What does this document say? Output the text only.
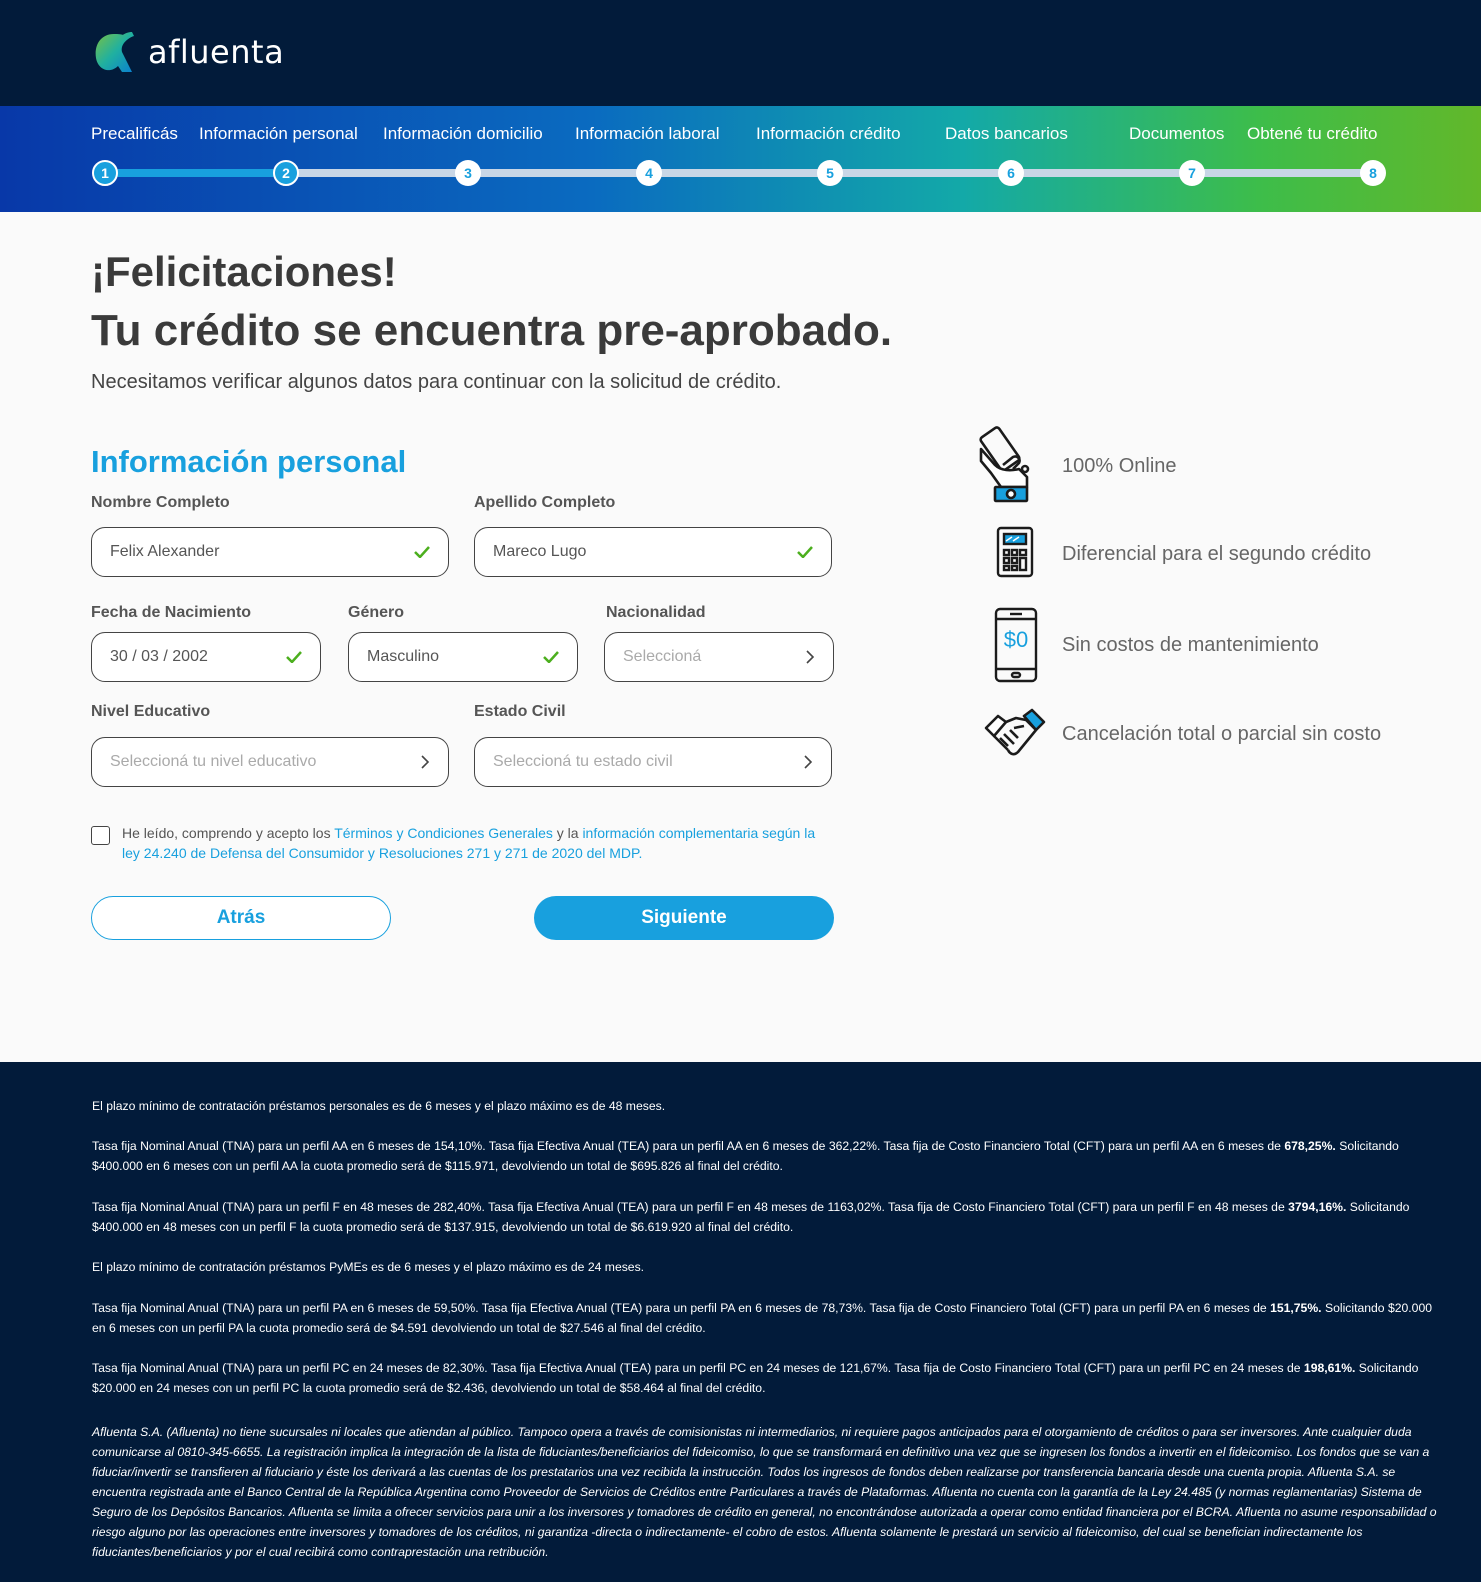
afluenta
Precalificás Información personal Información domicilio Información laboral Información crédito	Datos bancarios	Documentos Obtené tu crédito
1	2	3	4	5	6	7	8
¡Felicitaciones!
Tu crédito se encuentra pre-aprobado.

Necesitamos verificar algunos datos para continuar con la solicitud de crédito.

Información personal
Nombre Completo
Felix Alexander
Apellido Completo
Mareco Lugo
Fecha de Nacimiento
30 / 03 / 2002
Género
Masculino
Nacionalidad
Seleccioná
Nivel Educativo
Seleccioná tu nivel educativo
Estado Civil
Seleccioná tu estado civil

He leído, comprendo y acepto los Términos y Condiciones Generales y la información complementaria según la ley 24.240 de Defensa del Consumidor y Resoluciones 271 y 271 de 2020 del MDP.

Atrás	Siguiente
100% Online
Diferencial para el segundo crédito
$0	Sin costos de mantenimiento
Cancelación total o parcial sin costo

El plazo mínimo de contratación préstamos personales es de 6 meses y el plazo máximo es de 48 meses.

Tasa fija Nominal Anual (TNA) para un perfil AA en 6 meses de 154,10%. Tasa fija Efectiva Anual (TEA) para un perfil AA en 6 meses de 362,22%. Tasa fija de Costo Financiero Total (CFT) para un perfil AA en 6 meses de 678,25%. Solicitando $400.000 en 6 meses con un perfil AA la cuota promedio será de $115.971, devolviendo un total de $695.826 al final del crédito.

Tasa fija Nominal Anual (TNA) para un perfil F en 48 meses de 282,40%. Tasa fija Efectiva Anual (TEA) para un perfil F en 48 meses de 1163,02%. Tasa fija de Costo Financiero Total (CFT) para un perfil F en 48 meses de 3794,16%. Solicitando $400.000 en 48 meses con un perfil F la cuota promedio será de $137.915, devolviendo un total de $6.619.920 al final del crédito.

El plazo mínimo de contratación préstamos PyMEs es de 6 meses y el plazo máximo es de 24 meses.

Tasa fija Nominal Anual (TNA) para un perfil PA en 6 meses de 59,50%. Tasa fija Efectiva Anual (TEA) para un perfil PA en 6 meses de 78,73%. Tasa fija de Costo Financiero Total (CFT) para un perfil PA en 6 meses de 151,75%. Solicitando $20.000 en 6 meses con un perfil PA la cuota promedio será de $4.591 devolviendo un total de $27.546 al final del crédito.

Tasa fija Nominal Anual (TNA) para un perfil PC en 24 meses de 82,30%. Tasa fija Efectiva Anual (TEA) para un perfil PC en 24 meses de 121,67%. Tasa fija de Costo Financiero Total (CFT) para un perfil PC en 24 meses de 198,61%. Solicitando $20.000 en 24 meses con un perfil PC la cuota promedio será de $2.436, devolviendo un total de $58.464 al final del crédito.

Afluenta S.A. (Afluenta) no tiene sucursales ni locales que atiendan al público. Tampoco opera a través de comisionistas ni intermediarios, ni requiere pagos anticipados para el otorgamiento de créditos o para ser inversores. Ante cualquier duda comunicarse al 0810-345-6655. La registración implica la integración de la lista de fiduciantes/beneficiarios del fideicomiso, lo que se transformará en definitivo una vez que se ingresen los fondos a invertir en el fideicomiso. Los fondos que se van a fiduciar/invertir se transfieren al fiduciario y éste los derivará a las cuentas de los prestatarios una vez recibida la instrucción. Todos los ingresos de fondos deben realizarse por transferencia bancaria desde una cuenta propia. Afluenta S.A. se encuentra registrada ante el Banco Central de la República Argentina como Proveedor de Servicios de Créditos entre Particulares a través de Plataformas. Afluenta no cuenta con la garantía de la Ley 24.485 (y normas reglamentarias) Sistema de Seguro de los Depósitos Bancarios. Afluenta se limita a ofrecer servicios para unir a los inversores y tomadores de crédito en general, no encontrándose autorizada a operar como entidad financiera por el BCRA. Afluenta no asume responsabilidad o riesgo alguno por las operaciones entre inversores y tomadores de los créditos, ni garantiza -directa o indirectamente- el cobro de estos. Afluenta solamente le prestará un servicio al fideicomiso, del cual se benefician indirectamente los fiduciantes/beneficiarios y por el cual recibirá como contraprestación una retribución.
